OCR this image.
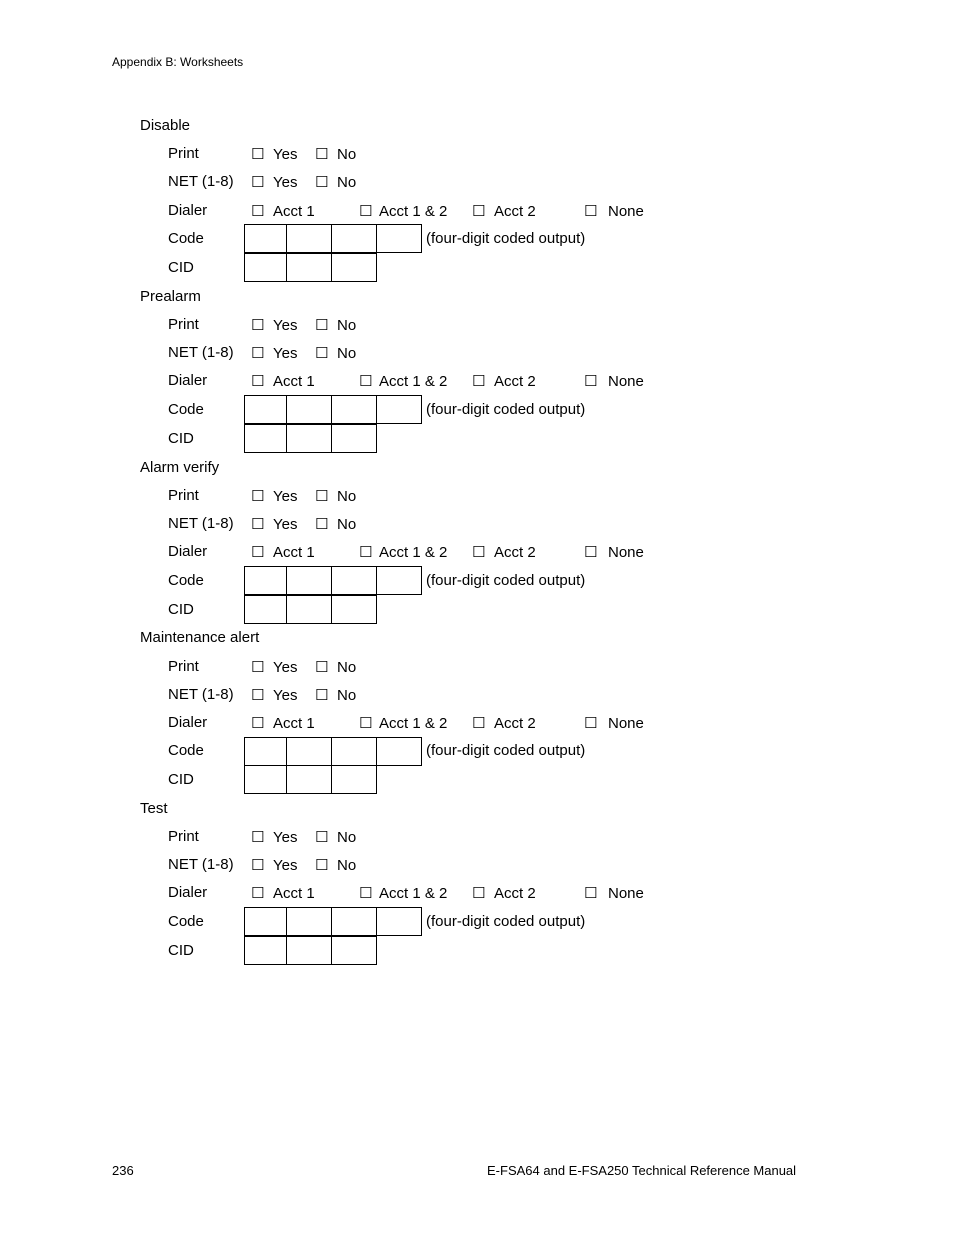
Appendix B: Worksheets
Disable
Print	☐ Yes ☐ No
NET (1-8) ☐ Yes ☐ No
Dialer	☐ Acct 1	☐ Acct 1 & 2 ☐ Acct 2	☐ None
Code	(four-digit coded output)
CID
Prealarm
Print	☐ Yes ☐ No
NET (1-8) ☐ Yes ☐ No
Dialer	☐ Acct 1	☐ Acct 1 & 2 ☐ Acct 2	☐ None
Code	(four-digit coded output)
CID
Alarm verify
Print	☐ Yes ☐ No
NET (1-8) ☐ Yes ☐ No
Dialer	☐ Acct 1	☐ Acct 1 & 2 ☐ Acct 2	☐ None
Code	(four-digit coded output)
CID
Maintenance alert
Print	☐ Yes ☐ No
NET (1-8) ☐ Yes ☐ No
Dialer	☐ Acct 1	☐ Acct 1 & 2 ☐ Acct 2	☐ None
Code	(four-digit coded output)
CID
Test
Print	☐ Yes ☐ No
NET (1-8) ☐ Yes ☐ No
Dialer	☐ Acct 1	☐ Acct 1 & 2 ☐ Acct 2	☐ None
Code	(four-digit coded output)
CID
236	E-FSA64 and E-FSA250 Technical Reference Manual
